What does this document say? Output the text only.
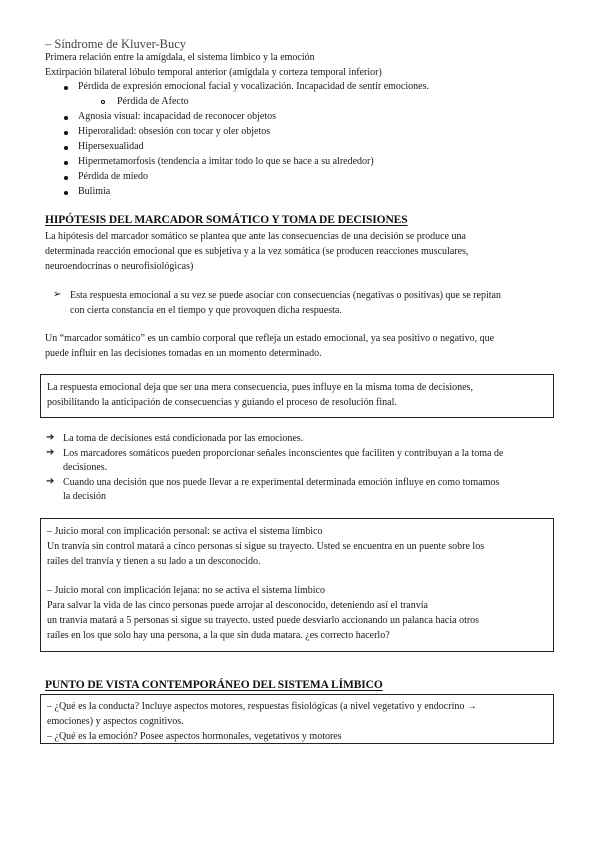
– Síndrome de Kluver-Bucy
Primera relación entre la amígdala, el sistema límbico y la emoción
Extirpación bilateral lóbulo temporal anterior (amígdala y corteza temporal inferior)
Pérdida de expresión emocional facial y vocalización. Incapacidad de sentir emociones.
Pérdida de Afecto
Agnosia visual: incapacidad de reconocer objetos
Hiperoralidad: obsesión con tocar y oler objetos
Hipersexualidad
Hipermetamorfosis (tendencia a imitar todo lo que se hace a su alrededor)
Pérdida de miedo
Bulimia
HIPÓTESIS DEL MARCADOR SOMÁTICO Y TOMA DE DECISIONES
La hipótesis del marcador somático se plantea que ante las consecuencias de una decisión se produce una
determinada reacción emocional que es subjetiva y a la vez somática (se producen reacciones musculares,
neuroendocrinas o neurofisiológicas)
➢ Esta respuesta emocional a su vez se puede asociar con consecuencias (negativas o positivas) que se repitan
con cierta constancia en el tiempo y que provoquen dicha respuesta.
Un “marcador somático” es un cambio corporal que refleja un estado emocional, ya sea positivo o negativo, que
puede influir en las decisiones tomadas en un momento determinado.
La respuesta emocional deja que ser una mera consecuencia, pues influye en la misma toma de decisiones,
posibilitando la anticipación de consecuencias y guiando el proceso de resolución final.
➔ La toma de decisiones está condicionada por las emociones.
➔ Los marcadores somáticos pueden proporcionar señales inconscientes que faciliten y contribuyan a la toma de
decisiones.
➔ Cuando una decisión que nos puede llevar a re experimental determinada emoción influye en como tomamos
la decisión
– Juicio moral con implicación personal: se activa el sistema límbico
Un tranvía sin control matará a cinco personas si sigue su trayecto. Usted se encuentra en un puente sobre los
raíles del tranvía y tienen a su lado a un desconocido.
– Juicio moral con implicación lejana: no se activa el sistema límbico
Para salvar la vida de las cinco personas puede arrojar al desconocido, deteniendo así el tranvía
un tranvía matará a 5 personas si sigue su trayecto. usted puede desviarlo accionando un palanca hacia otros
raíles en los que solo hay una persona, a la que sin duda matara. ¿es correcto hacerlo?
PUNTO DE VISTA CONTEMPORÁNEO DEL SISTEMA LÍMBICO
– ¿Qué es la conducta? Incluye aspectos motores, respuestas fisiológicas (a nivel vegetativo y endocrino →
emociones) y aspectos cognitivos.
– ¿Qué es la emoción? Posee aspectos hormonales, vegetativos y motores
